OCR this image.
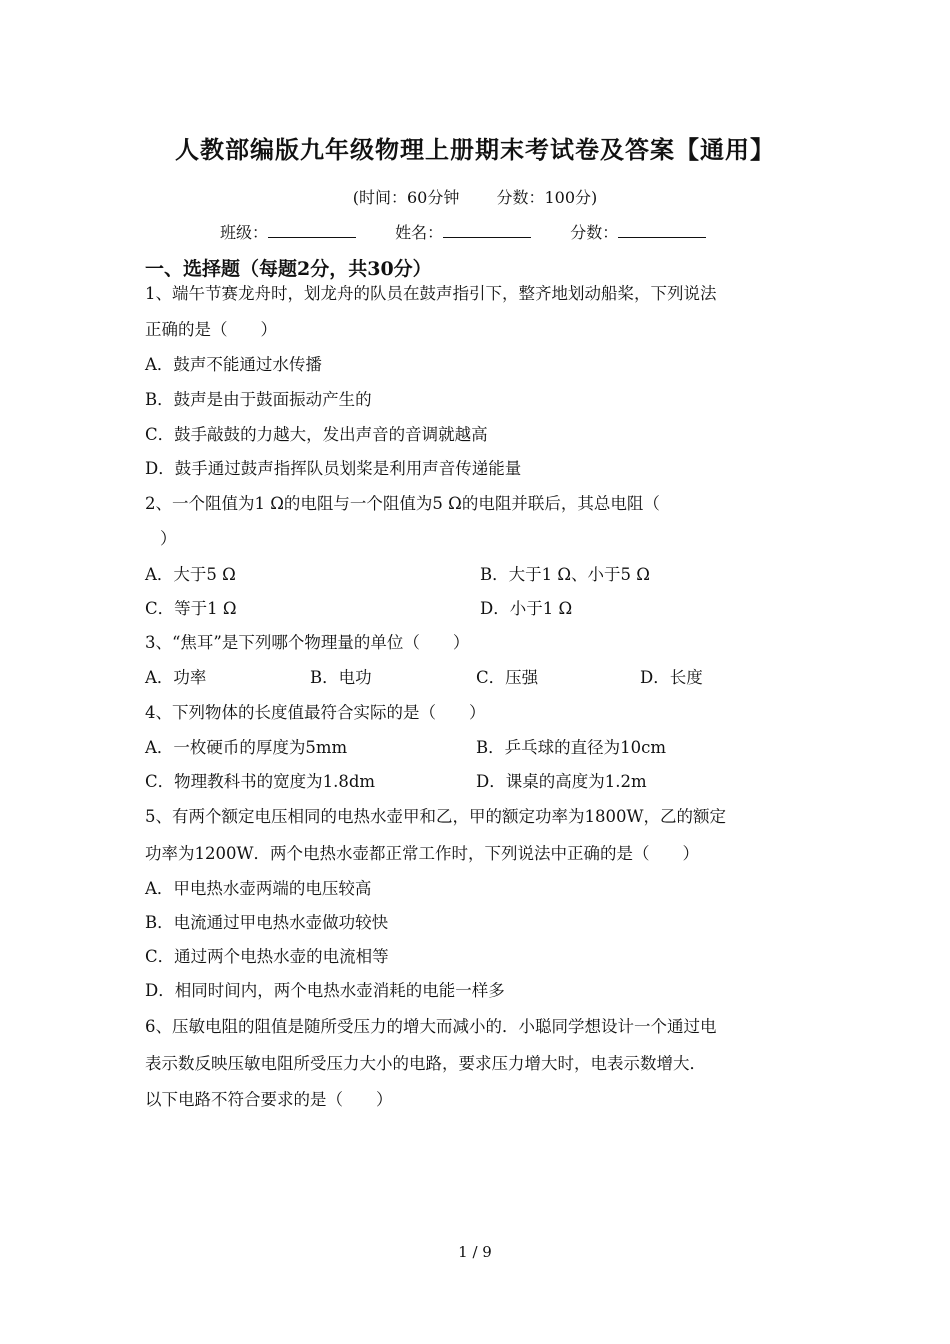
人教部编版九年级物理上册期末考试卷及答案【通用】
(时间：60分钟 分数：100分)
班级：	姓名：	分数：
一、选择题（每题2分，共30分）
1、端午节赛龙舟时，划龙舟的队员在鼓声指引下，整齐地划动船桨，下列说法
正确的是（　　）
A．鼓声不能通过水传播
B．鼓声是由于鼓面振动产生的
C．鼓手敲鼓的力越大，发出声音的音调就越高
D．鼓手通过鼓声指挥队员划桨是利用声音传递能量
2、一个阻值为1 Ω的电阻与一个阻值为5 Ω的电阻并联后，其总电阻（
）
A．大于5 Ω	B．大于1 Ω、小于5 Ω
C．等于1 Ω	D．小于1 Ω
3、“焦耳”是下列哪个物理量的单位（　　）
A．功率	B．电功	C．压强	D．长度
4、下列物体的长度值最符合实际的是（　　）
A．一枚硬币的厚度为5mm	B．乒乓球的直径为10cm
C．物理教科书的宽度为1.8dm	D．课桌的高度为1.2m
5、有两个额定电压相同的电热水壶甲和乙，甲的额定功率为1800W，乙的额定
功率为1200W．两个电热水壶都正常工作时，下列说法中正确的是（　　）
A．甲电热水壶两端的电压较高
B．电流通过甲电热水壶做功较快
C．通过两个电热水壶的电流相等
D．相同时间内，两个电热水壶消耗的电能一样多
6、压敏电阻的阻值是随所受压力的增大而减小的．小聪同学想设计一个通过电
表示数反映压敏电阻所受压力大小的电路，要求压力增大时，电表示数增大．
以下电路不符合要求的是（　　）
1 / 9
